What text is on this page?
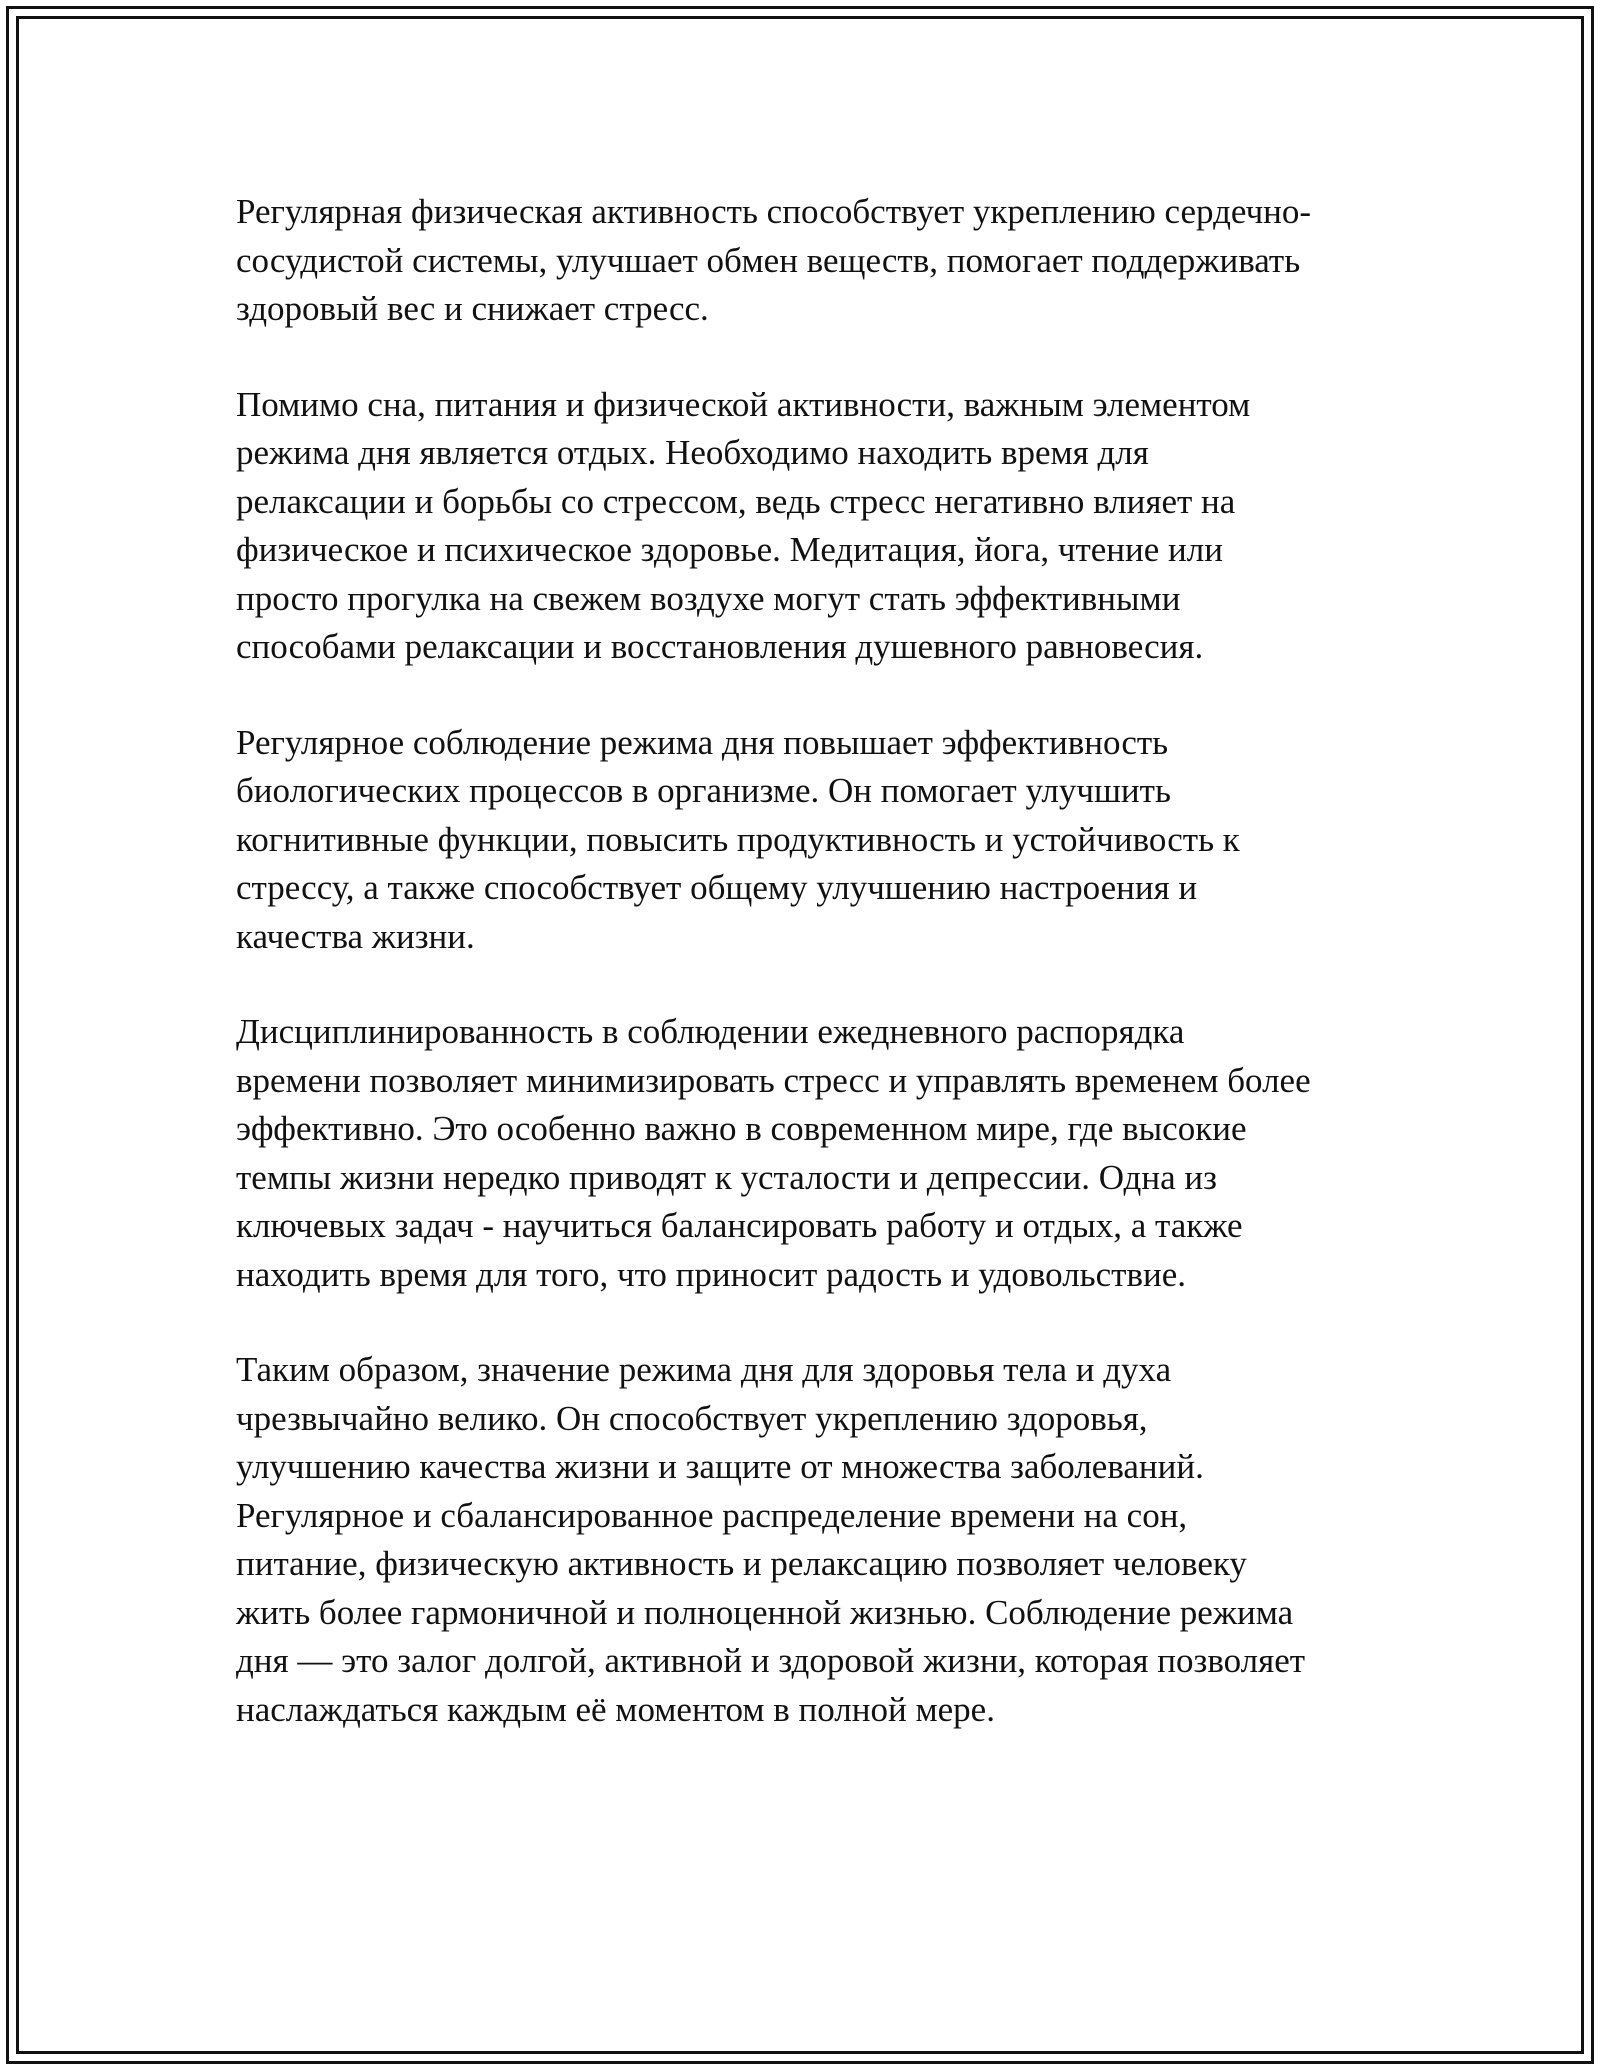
Регулярная физическая активность способствует укреплению сердечно-
сосудистой системы, улучшает обмен веществ, помогает поддерживать
здоровый вес и снижает стресс.

Помимо сна, питания и физической активности, важным элементом
режима дня является отдых. Необходимо находить время для
релаксации и борьбы со стрессом, ведь стресс негативно влияет на
физическое и психическое здоровье. Медитация, йога, чтение или
просто прогулка на свежем воздухе могут стать эффективными
способами релаксации и восстановления душевного равновесия.

Регулярное соблюдение режима дня повышает эффективность
биологических процессов в организме. Он помогает улучшить
когнитивные функции, повысить продуктивность и устойчивость к
стрессу, а также способствует общему улучшению настроения и
качества жизни.

Дисциплинированность в соблюдении ежедневного распорядка
времени позволяет минимизировать стресс и управлять временем более
эффективно. Это особенно важно в современном мире, где высокие
темпы жизни нередко приводят к усталости и депрессии. Одна из
ключевых задач - научиться балансировать работу и отдых, а также
находить время для того, что приносит радость и удовольствие.

Таким образом, значение режима дня для здоровья тела и духа
чрезвычайно велико. Он способствует укреплению здоровья,
улучшению качества жизни и защите от множества заболеваний.
Регулярное и сбалансированное распределение времени на сон,
питание, физическую активность и релаксацию позволяет человеку
жить более гармоничной и полноценной жизнью. Соблюдение режима
дня — это залог долгой, активной и здоровой жизни, которая позволяет
наслаждаться каждым её моментом в полной мере.
